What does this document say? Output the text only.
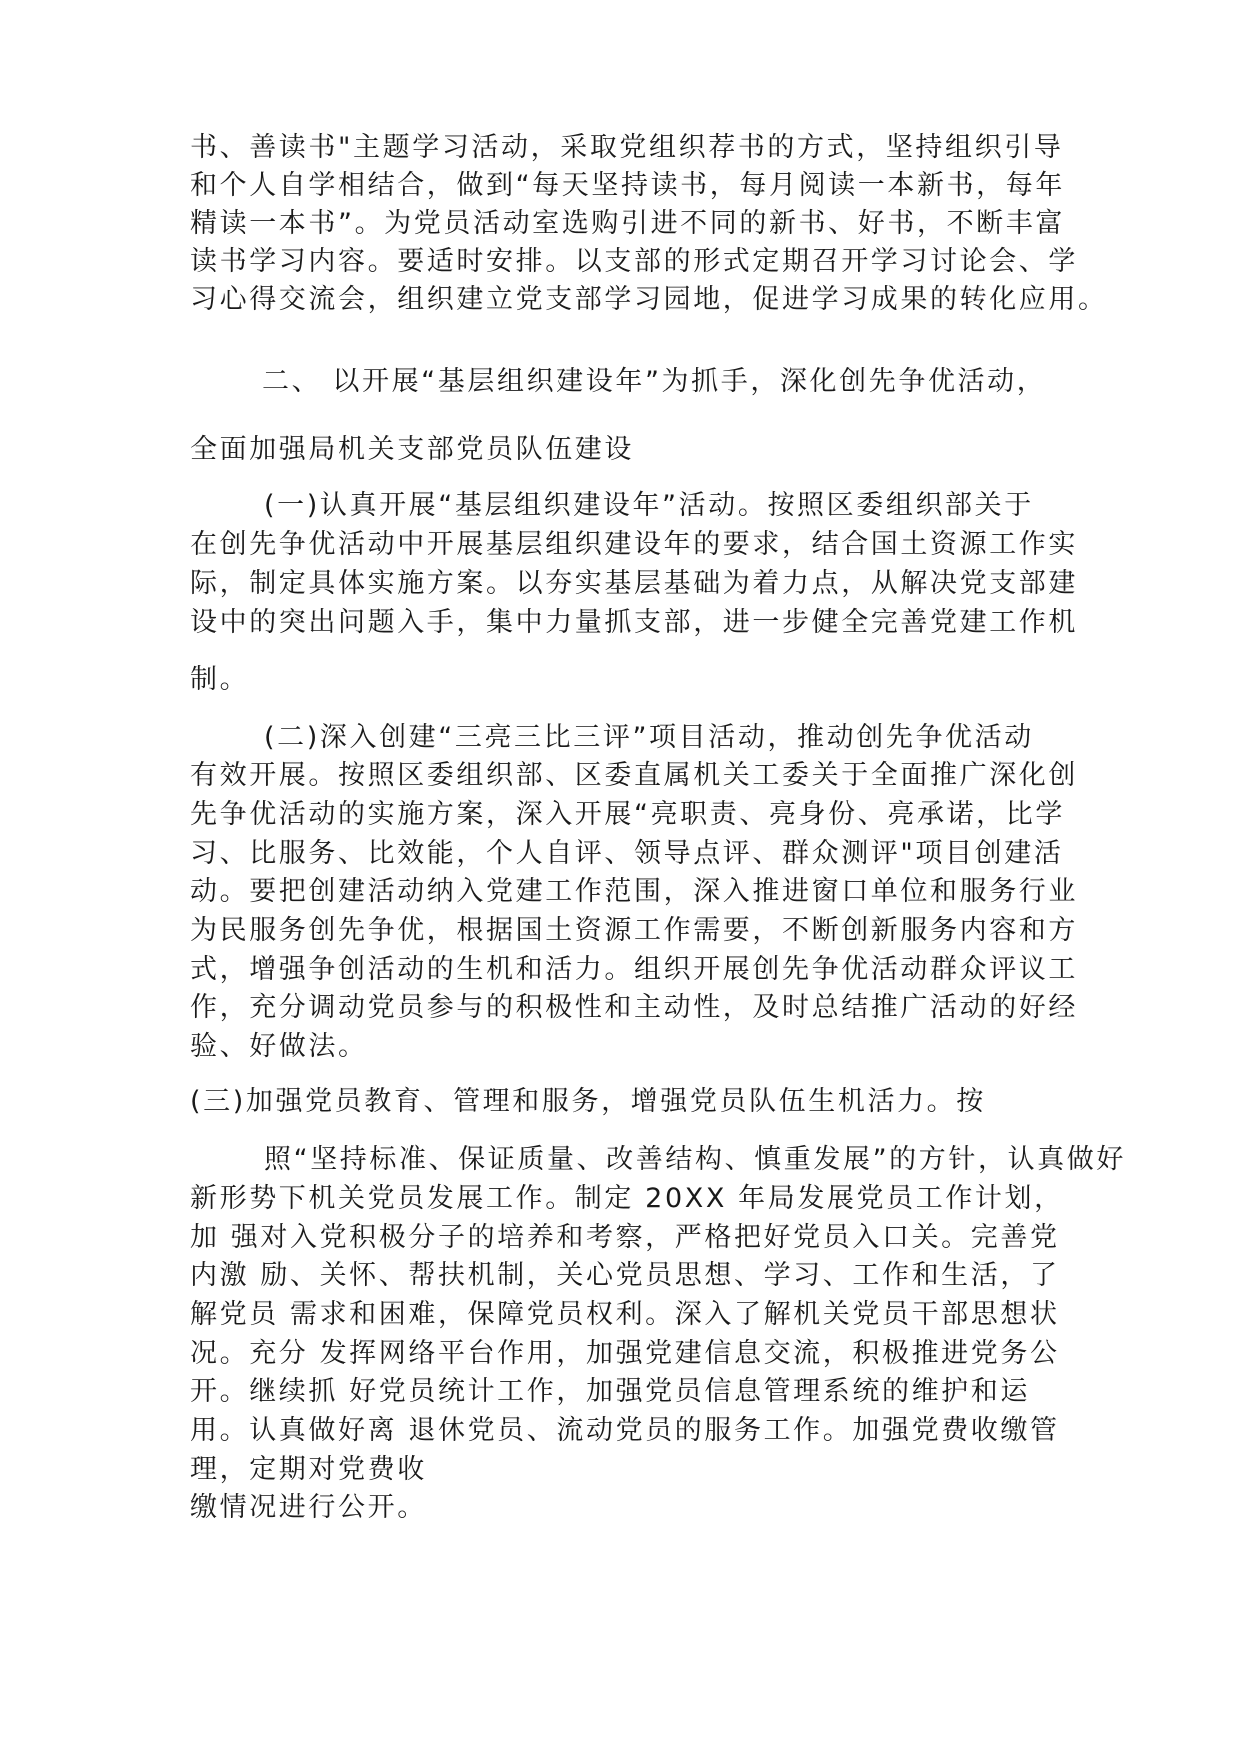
书、善读书"主题学习活动，采取党组织荐书的方式，坚持组织引导
和个人自学相结合，做到“每天坚持读书，每月阅读一本新书，每年
精读一本书”。为党员活动室选购引进不同的新书、好书，不断丰富
读书学习内容。要适时安排。以支部的形式定期召开学习讨论会、学
习心得交流会，组织建立党支部学习园地，促进学习成果的转化应用。
二、 以开展“基层组织建设年”为抓手，深化创先争优活动，
全面加强局机关支部党员队伍建设
(一)认真开展“基层组织建设年”活动。按照区委组织部关于
在创先争优活动中开展基层组织建设年的要求，结合国土资源工作实
际，制定具体实施方案。以夯实基层基础为着力点，从解决党支部建
设中的突出问题入手，集中力量抓支部，进一步健全完善党建工作机
制。
(二)深入创建“三亮三比三评”项目活动，推动创先争优活动
有效开展。按照区委组织部、区委直属机关工委关于全面推广深化创
先争优活动的实施方案，深入开展“亮职责、亮身份、亮承诺，比学
习、比服务、比效能，个人自评、领导点评、群众测评"项目创建活
动。要把创建活动纳入党建工作范围，深入推进窗口单位和服务行业
为民服务创先争优，根据国土资源工作需要，不断创新服务内容和方
式，增强争创活动的生机和活力。组织开展创先争优活动群众评议工
作，充分调动党员参与的积极性和主动性，及时总结推广活动的好经
验、好做法。
(三)加强党员教育、管理和服务，增强党员队伍生机活力。按
照“坚持标准、保证质量、改善结构、慎重发展”的方针，认真做好
新形势下机关党员发展工作。制定 20XX 年局发展党员工作计划，
加 强对入党积极分子的培养和考察，严格把好党员入口关。完善党
内激 励、关怀、帮扶机制，关心党员思想、学习、工作和生活，了
解党员 需求和困难，保障党员权利。深入了解机关党员干部思想状
况。充分 发挥网络平台作用，加强党建信息交流，积极推进党务公
开。继续抓 好党员统计工作，加强党员信息管理系统的维护和运
用。认真做好离 退休党员、流动党员的服务工作。加强党费收缴管
理，定期对党费收
缴情况进行公开。
